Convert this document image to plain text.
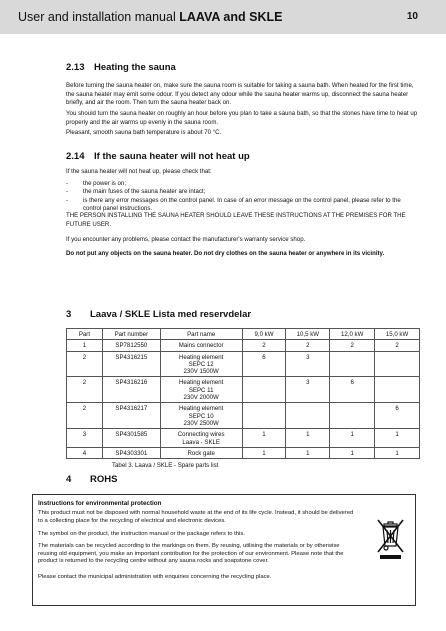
User and installation manual LAAVA and SKLE	10
2.13 Heating the sauna

Before turning the sauna heater on, make sure the sauna room is suitable for taking a sauna bath. When heated for the first time, the sauna heater may emit some odour. If you detect any odour while the sauna heater warms up, disconnect the sauna heater briefly, and air the room. Then turn the sauna heater back on.

You should turn the sauna heater on roughly an hour before you plan to take a sauna bath, so that the stones have time to heat up properly and the air warms up evenly in the sauna room.

Pleasant, smooth sauna bath temperature is about 70 °C.

2.14 If the sauna heater will not heat up

If the sauna heater will not heat up, please check that:

- the power is on;
- the main fuses of the sauna heater are intact;
- is there any error messages on the control panel. In case of an error message on the control panel, please refer to the control panel instructions.

THE PERSON INSTALLING THE SAUNA HEATER SHOULD LEAVE THESE INSTRUCTIONS AT THE PREMISES FOR THE FUTURE USER.

If you encounter any problems, please contact the manufacturer's warranty service shop.

Do not put any objects on the sauna heater. Do not dry clothes on the sauna heater or anywhere in its vicinity.

3 Laava / SKLE Lista med reservdelar
Part	Part number	Part name	9,0 kW	10,5 kW	12,0 kW	15,0 kW
1	SP7812550	Mains connector	2	2	2	2
2	SP4316215	Heating element
SEPC 12
230V 1500W	6	3		
2	SP4316216	Heating element
SEPC 11
230V 2000W		3	6	
2	SP4316217	Heating element
SEPC 10
230V 2500W				6
3	SP4301585	Connecting wires
Laava - SKLE	1	1	1	1
4	SP4303301	Rock gate	1	1	1	1
Tabel 3. Laava / SKLE - Spare parts list
4 ROHS
Instructions for environmental protection

This product must not be disposed with normal household waste at the end of its life cycle. Instead, it should be delivered to a collecting place for the recycling of electrical and electronic devices.

The symbol on the product, the instruction manual or the package refers to this.

The materials can be recycled according to the markings on them. By reusing, utilising the materials or by otherwise reusing old equipment, you make an important contribution for the protection of our environment. Please note that the product is returned to the recycling centre without any sauna rocks and soapstone cover.

Please contact the municipal administration with enquiries concerning the recycling place.
